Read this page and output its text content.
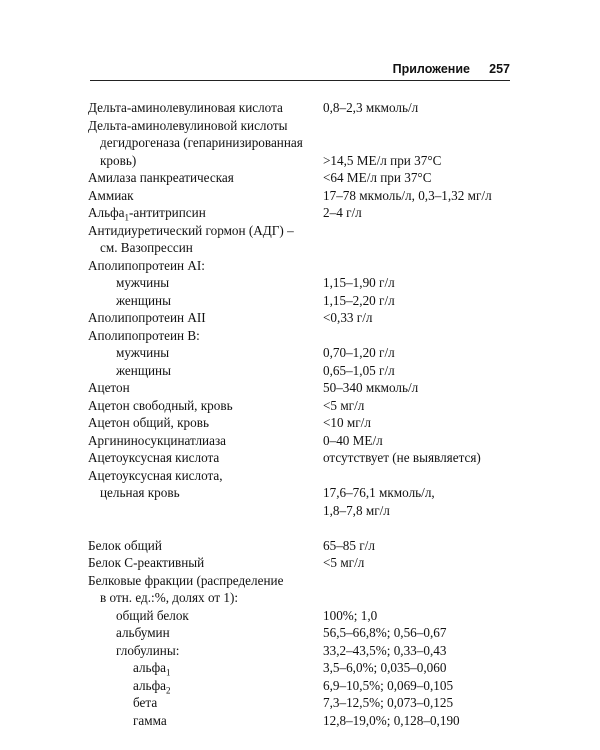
Приложение 257
Дельта-аминолевулиновая кислота	0,8–2,3 мкмоль/л
Дельта-аминолевулиновой кислоты
дегидрогеназа (гепаринизированная
кровь)	>14,5 МЕ/л при 37°С
Амилаза панкреатическая	<64 МЕ/л при 37°С
Аммиак	17–78 мкмоль/л, 0,3–1,32 мг/л
Альфа$_1$-антитрипсин	2–4 г/л
Антидиуретический гормон (АДГ) –
см. Вазопрессин
Аполипопротеин AI:
мужчины	1,15–1,90 г/л
женщины	1,15–2,20 г/л
Аполипопротеин AII	<0,33 г/л
Аполипопротеин B:
мужчины	0,70–1,20 г/л
женщины	0,65–1,05 г/л
Ацетон	50–340 мкмоль/л
Ацетон свободный, кровь	<5 мг/л
Ацетон общий, кровь	<10 мг/л
Аргининосукцинатлиаза	0–40 МЕ/л
Ацетоуксусная кислота	отсутствует (не выявляется)
Ацетоуксусная кислота,
цельная кровь	17,6–76,1 мкмоль/л,
1,8–7,8 мг/л
Белок общий	65–85 г/л
Белок С-реактивный	<5 мг/л
Белковые фракции (распределение
в отн. ед.:%, долях от 1):
общий белок	100%; 1,0
альбумин	56,5–66,8%; 0,56–0,67
глобулины:	33,2–43,5%; 0,33–0,43
альфа$_1$	3,5–6,0%; 0,035–0,060
альфа$_2$	6,9–10,5%; 0,069–0,105
бета	7,3–12,5%; 0,073–0,125
гамма	12,8–19,0%; 0,128–0,190
